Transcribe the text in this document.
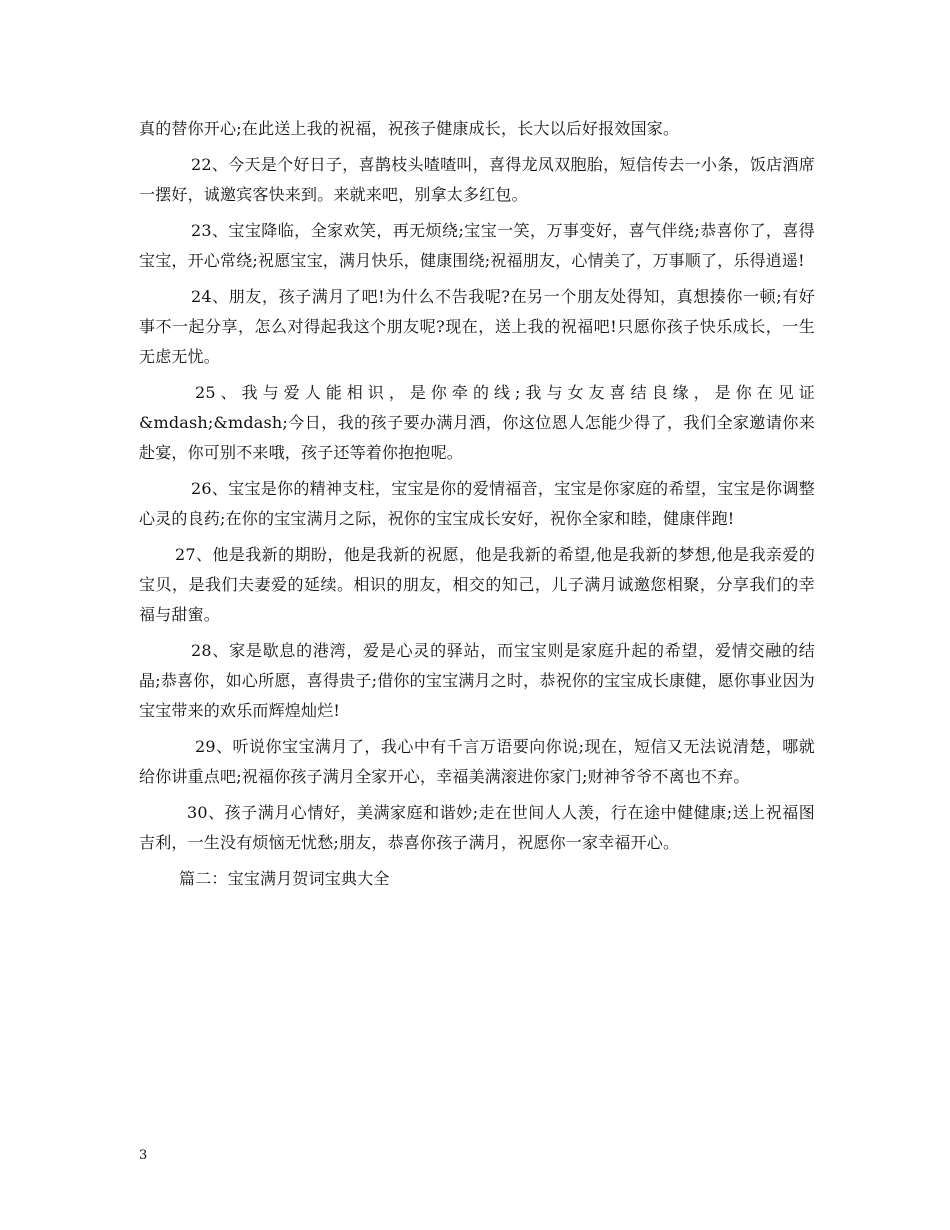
真的替你开心;在此送上我的祝福，祝孩子健康成长，长大以后好报效国家。

22、今天是个好日子，喜鹊枝头喳喳叫，喜得龙凤双胞胎，短信传去一小条，饭店酒席一摆好，诚邀宾客快来到。来就来吧，别拿太多红包。

23、宝宝降临，全家欢笑，再无烦绕;宝宝一笑，万事变好，喜气伴绕;恭喜你了，喜得宝宝，开心常绕;祝愿宝宝，满月快乐，健康围绕;祝福朋友，心情美了，万事顺了，乐得逍遥!

24、朋友，孩子满月了吧!为什么不告我呢?在另一个朋友处得知，真想揍你一顿;有好事不一起分享，怎么对得起我这个朋友呢?现在，送上我的祝福吧!只愿你孩子快乐成长，一生无虑无忧。

25、我与爱人能相识，是你牵的线;我与女友喜结良缘，是你在见证&mdash;&mdash;今日，我的孩子要办满月酒，你这位恩人怎能少得了，我们全家邀请你来赴宴，你可别不来哦，孩子还等着你抱抱呢。

26、宝宝是你的精神支柱，宝宝是你的爱情福音，宝宝是你家庭的希望，宝宝是你调整心灵的良药;在你的宝宝满月之际，祝你的宝宝成长安好，祝你全家和睦，健康伴跑!

27、他是我新的期盼，他是我新的祝愿，他是我新的希望,他是我新的梦想,他是我亲爱的宝贝，是我们夫妻爱的延续。相识的朋友，相交的知己，儿子满月诚邀您相聚，分享我们的幸福与甜蜜。

28、家是歇息的港湾，爱是心灵的驿站，而宝宝则是家庭升起的希望，爱情交融的结晶;恭喜你，如心所愿，喜得贵子;借你的宝宝满月之时，恭祝你的宝宝成长康健，愿你事业因为宝宝带来的欢乐而辉煌灿烂!

29、听说你宝宝满月了，我心中有千言万语要向你说;现在，短信又无法说清楚，哪就给你讲重点吧;祝福你孩子满月全家开心，幸福美满滚进你家门;财神爷爷不离也不弃。

30、孩子满月心情好，美满家庭和谐妙;走在世间人人羡，行在途中健健康;送上祝福图吉利，一生没有烦恼无忧愁;朋友，恭喜你孩子满月，祝愿你一家幸福开心。

篇二：宝宝满月贺词宝典大全

3
